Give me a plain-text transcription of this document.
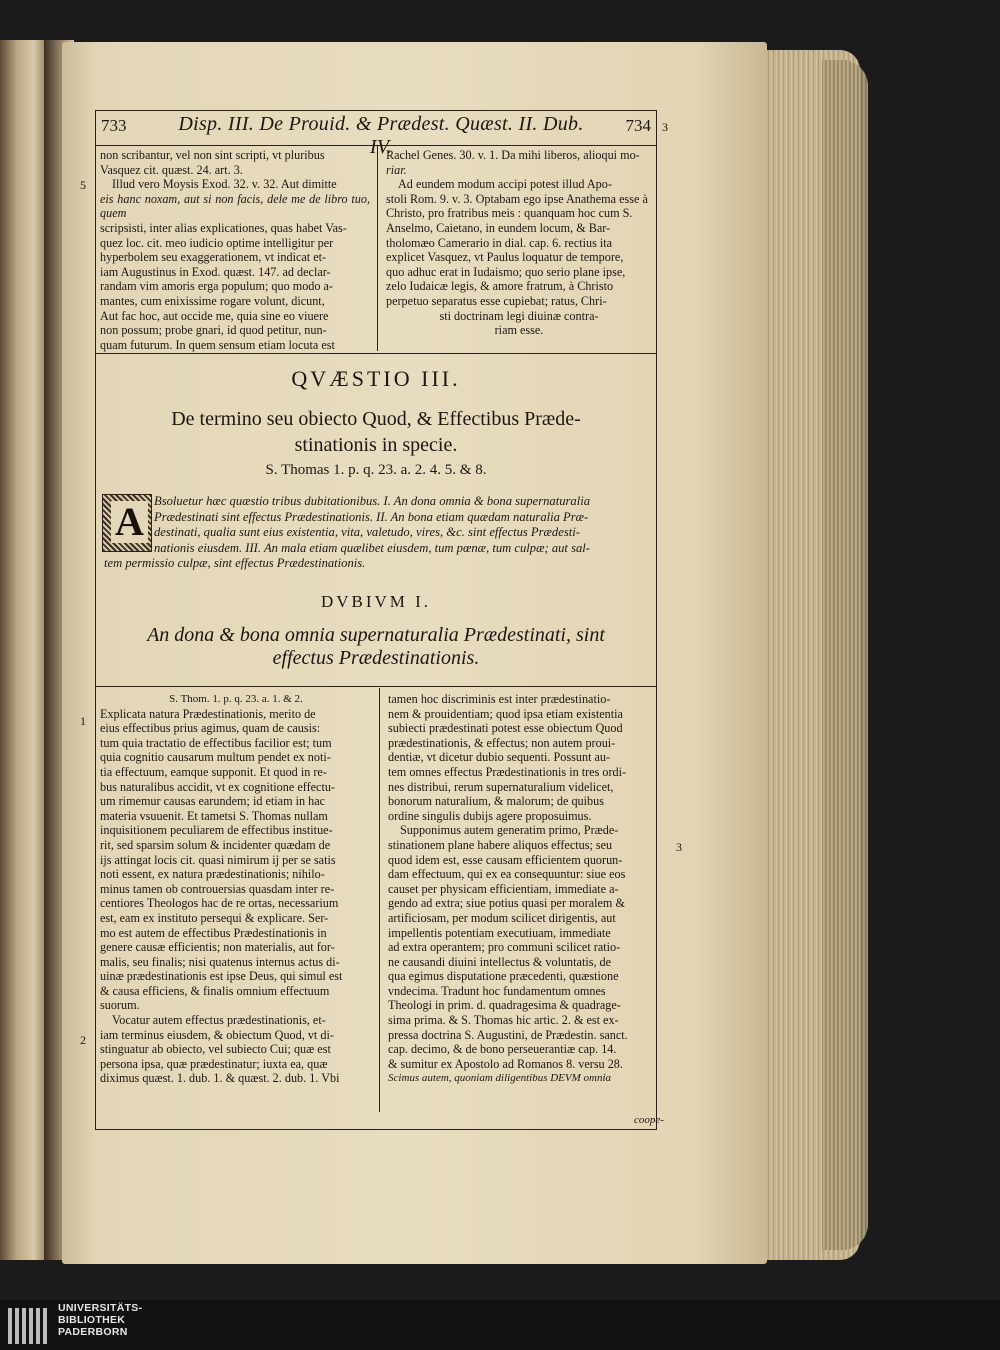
733	Disp. III. De Prouid. & Prædest. Quæst. II. Dub. IV.
734

non scribantur, vel non sint scripti, vt pluribus

Vasquez cit. quæst. 24. art. 3.

Illud vero Moysis Exod. 32. v. 32. Aut dimitte

eis hanc noxam, aut si non facis, dele me de libro tuo, quem

scripsisti, inter alias explicationes, quas habet Vas-

quez loc. cit. meo iudicio optime intelligitur per

hyperbolem seu exaggerationem, vt indicat et-

iam Augustinus in Exod. quæst. 147. ad declar-

randam vim amoris erga populum; quo modo a-

mantes, cum enixissime rogare volunt, dicunt,

Aut fac hoc, aut occide me, quia sine eo viuere

non possum; probe gnari, id quod petitur, nun-

quam futurum. In quem sensum etiam locuta est

Rachel Genes. 30. v. 1. Da mihi liberos, alioqui mo-

riar.

Ad eundem modum accipi potest illud Apo-

stoli Rom. 9. v. 3. Optabam ego ipse Anathema esse à

Christo, pro fratribus meis : quanquam hoc cum S.

Anselmo, Caietano, in eundem locum, & Bar-

tholomæo Camerario in dial. cap. 6. rectius ita

explicet Vasquez, vt Paulus loquatur de tempore,

quo adhuc erat in Iudaismo; quo serio plane ipse,

zelo Iudaicæ legis, & amore fratrum, à Christo

perpetuo separatus esse cupiebat; ratus, Chri-

sti doctrinam legi diuinæ contra-

riam esse.

5
3
QVÆSTIO III.
De termino seu obiecto Quod, & Effectibus Præde-
stinationis in specie.
S. Thomas 1. p. q. 23. a. 2. 4. 5. & 8.
A Bsoluetur hæc quæstio tribus dubitationibus. I. An dona omnia & bona supernaturalia
Prædestinati sint effectus Prædestinationis. II. An bona etiam quædam naturalia Præ-
destinati, qualia sunt eius existentia, vita, valetudo, vires, &c. sint effectus Prædesti-
nationis eiusdem. III. An mala etiam quælibet eiusdem, tum pœnæ, tum culpæ; aut sal-
tem permissio culpæ, sint effectus Prædestinationis.
DVBIVM I.
An dona & bona omnia supernaturalia Prædestinati, sint
effectus Prædestinationis.

S. Thom. 1. p. q. 23. a. 1. & 2.

Explicata natura Prædestinationis, merito de

eius effectibus prius agimus, quam de causis:

tum quia tractatio de effectibus facilior est; tum

quia cognitio causarum multum pendet ex noti-

tia effectuum, eamque supponit. Et quod in re-

bus naturalibus accidit, vt ex cognitione effectu-

um rimemur causas earundem; id etiam in hac

materia vsuuenit. Et tametsi S. Thomas nullam

inquisitionem peculiarem de effectibus institue-

rit, sed sparsim solum & incidenter quædam de

ijs attingat locis cit. quasi nimirum ij per se satis

noti essent, ex natura prædestinationis; nihilo-

minus tamen ob controuersias quasdam inter re-

centiores Theologos hac de re ortas, necessarium

est, eam ex instituto persequi & explicare. Ser-

mo est autem de effectibus Prædestinationis in

genere causæ efficientis; non materialis, aut for-

malis, seu finalis; nisi quatenus internus actus di-

uinæ prædestinationis est ipse Deus, qui simul est

& causa efficiens, & finalis omnium effectuum

suorum.

Vocatur autem effectus prædestinationis, et-

iam terminus eiusdem, & obiectum Quod, vt di-

stinguatur ab obiecto, vel subiecto Cui; quæ est

persona ipsa, quæ prædestinatur; iuxta ea, quæ

diximus quæst. 1. dub. 1. & quæst. 2. dub. 1. Vbi

tamen hoc discriminis est inter prædestinatio-

nem & prouidentiam; quod ipsa etiam existentia

subiecti prædestinati potest esse obiectum Quod

prædestinationis, & effectus; non autem proui-

dentiæ, vt dicetur dubio sequenti. Possunt au-

tem omnes effectus Prædestinationis in tres ordi-

nes distribui, rerum supernaturalium videlicet,

bonorum naturalium, & malorum; de quibus

ordine singulis dubijs agere proposuimus.

Supponimus autem generatim primo, Præde-

stinationem plane habere aliquos effectus; seu

quod idem est, esse causam efficientem quorun-

dam effectuum, qui ex ea consequuntur: siue eos

causet per physicam efficientiam, immediate a-

gendo ad extra; siue potius quasi per moralem &

artificiosam, per modum scilicet dirigentis, aut

impellentis potentiam executiuam, immediate

ad extra operantem; pro communi scilicet ratio-

ne causandi diuini intellectus & voluntatis, de

qua egimus disputatione præcedenti, quæstione

vndecima. Tradunt hoc fundamentum omnes

Theologi in prim. d. quadragesima & quadrage-

sima prima. & S. Thomas hic artic. 2. & est ex-

pressa doctrina S. Augustini, de Prædestin. sanct.

cap. decimo, & de bono perseuerantiæ cap. 14.

& sumitur ex Apostolo ad Romanos 8. versu 28.

Scimus autem, quoniam diligentibus DEVM omnia

1
2
3
coope-
UNIVERSITÄTS-
BIBLIOTHEK
PADERBORN
